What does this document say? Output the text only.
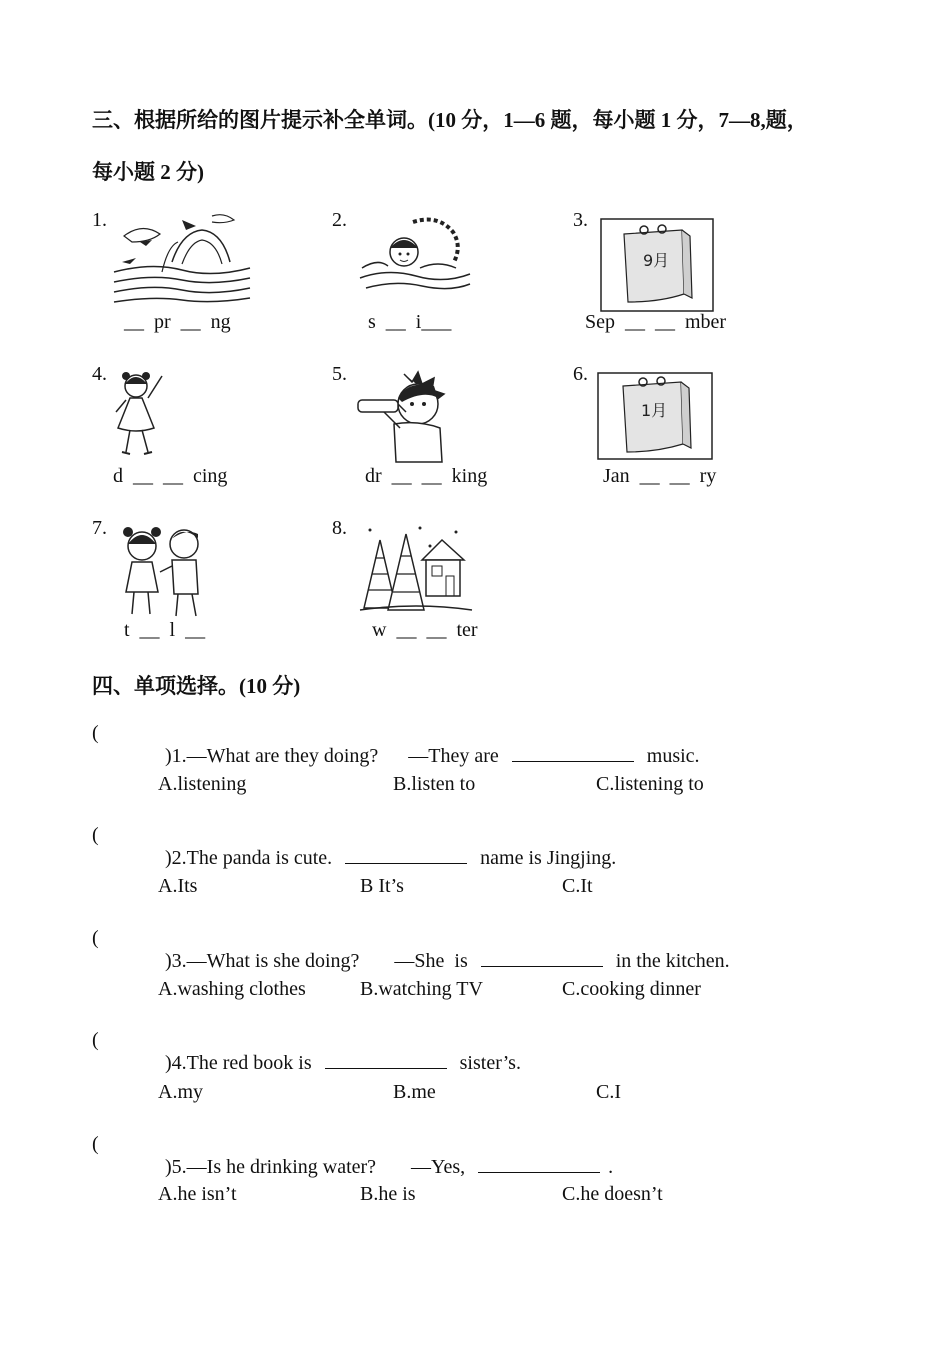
三、根据所给的图片提示补全单词。(10 分，1—6 题，每小题 1 分，7—8,题，
每小题 2 分)
1.
__  pr  __  ng
2.
s  __  i___
3.
9月
Sep  __  __  mber
4.
d  __  __  cing
5.
dr  __  __  king
6.
1月
Jan  __  __  ry
7.
t  __  l  __
8.
w  __  __  ter
四、单项选择。(10 分)
(

)1.—What are they doing?      —They are	music.

A.listening	B.listen to	C.listening to
(

)2.The panda is cute.	name is Jingjing.

A.Its	B It’s	C.It
(

)3.—What is she doing?       —She  is	in the kitchen.

A.washing clothes	B.watching TV	C.cooking dinner
(

)4.The red book is	sister’s.

A.my	B.me	C.I
(

)5.—Is he drinking water?       —Yes,	.

A.he isn’t	B.he is	C.he doesn’t
